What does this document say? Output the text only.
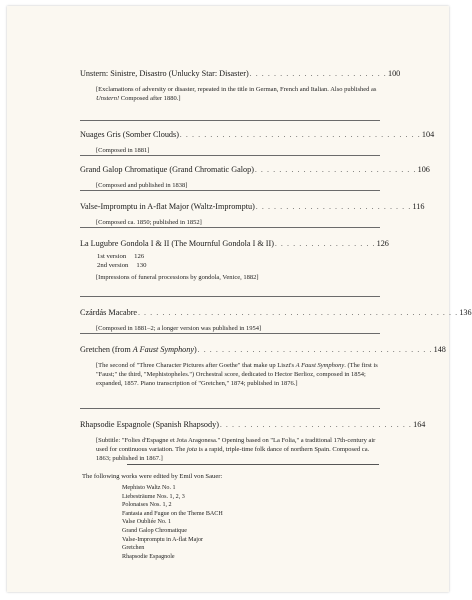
Unstern: Sinistre, Disastro (Unlucky Star: Disaster) . . . . . . . . . . . . . . . . . . . . . . . 100
[Exclamations of adversity or disaster, repeated in the title in German, French and Italian. Also published as Unstern! Composed after 1880.]
Nuages Gris (Somber Clouds) . . . . . . . . . . . . . . . . . . . . . . . . . . . . . . . . . . . . . . . . 104
[Composed in 1881]
Grand Galop Chromatique (Grand Chromatic Galop) . . . . . . . . . . . . . . . . . . . . . . . . . . . 106
[Composed and published in 1838]
Valse-Impromptu in A-flat Major (Waltz-Impromptu) . . . . . . . . . . . . . . . . . . . . . . . . . . 116
[Composed ca. 1850; published in 1852]
La Lugubre Gondola I & II (The Mournful Gondola I & II) . . . . . . . . . . . . . . . . . 126
1st version 126
2nd version 130
[Impressions of funeral processions by gondola, Venice, 1882]
Czárdás Macabre . . . . . . . . . . . . . . . . . . . . . . . . . . . . . . . . . . . . . . . . . . . . . . . . . . . . . 136
[Composed in 1881–2; a longer version was published in 1954]
Gretchen (from A Faust Symphony) . . . . . . . . . . . . . . . . . . . . . . . . . . . . . . . . . . . . . . . 148
[The second of "Three Character Pictures after Goethe" that make up Liszt's A Faust Symphony. (The first is "Faust;" the third, "Mephistopheles.") Orchestral score, dedicated to Hector Berlioz, composed in 1854; expanded, 1857. Piano transcription of "Gretchen," 1874; published in 1876.]
Rhapsodie Espagnole (Spanish Rhapsody) . . . . . . . . . . . . . . . . . . . . . . . . . . . . . . . . 164
[Subtitle: "Folies d'Espagne et Jota Aragonesa." Opening based on "La Folia," a traditional 17th-century air used for continuous variation. The jota is a rapid, triple-time folk dance of northern Spain. Composed ca. 1863; published in 1867.]
The following works were edited by Emil von Sauer:
Mephisto Waltz No. 1
Liebesträume Nos. 1, 2, 3
Polonaises Nos. 1, 2
Fantasia and Fugue on the Theme BACH
Valse Oubliée No. 1
Grand Galop Chromatique
Valse-Impromptu in A-flat Major
Gretchen
Rhapsodie Espagnole
